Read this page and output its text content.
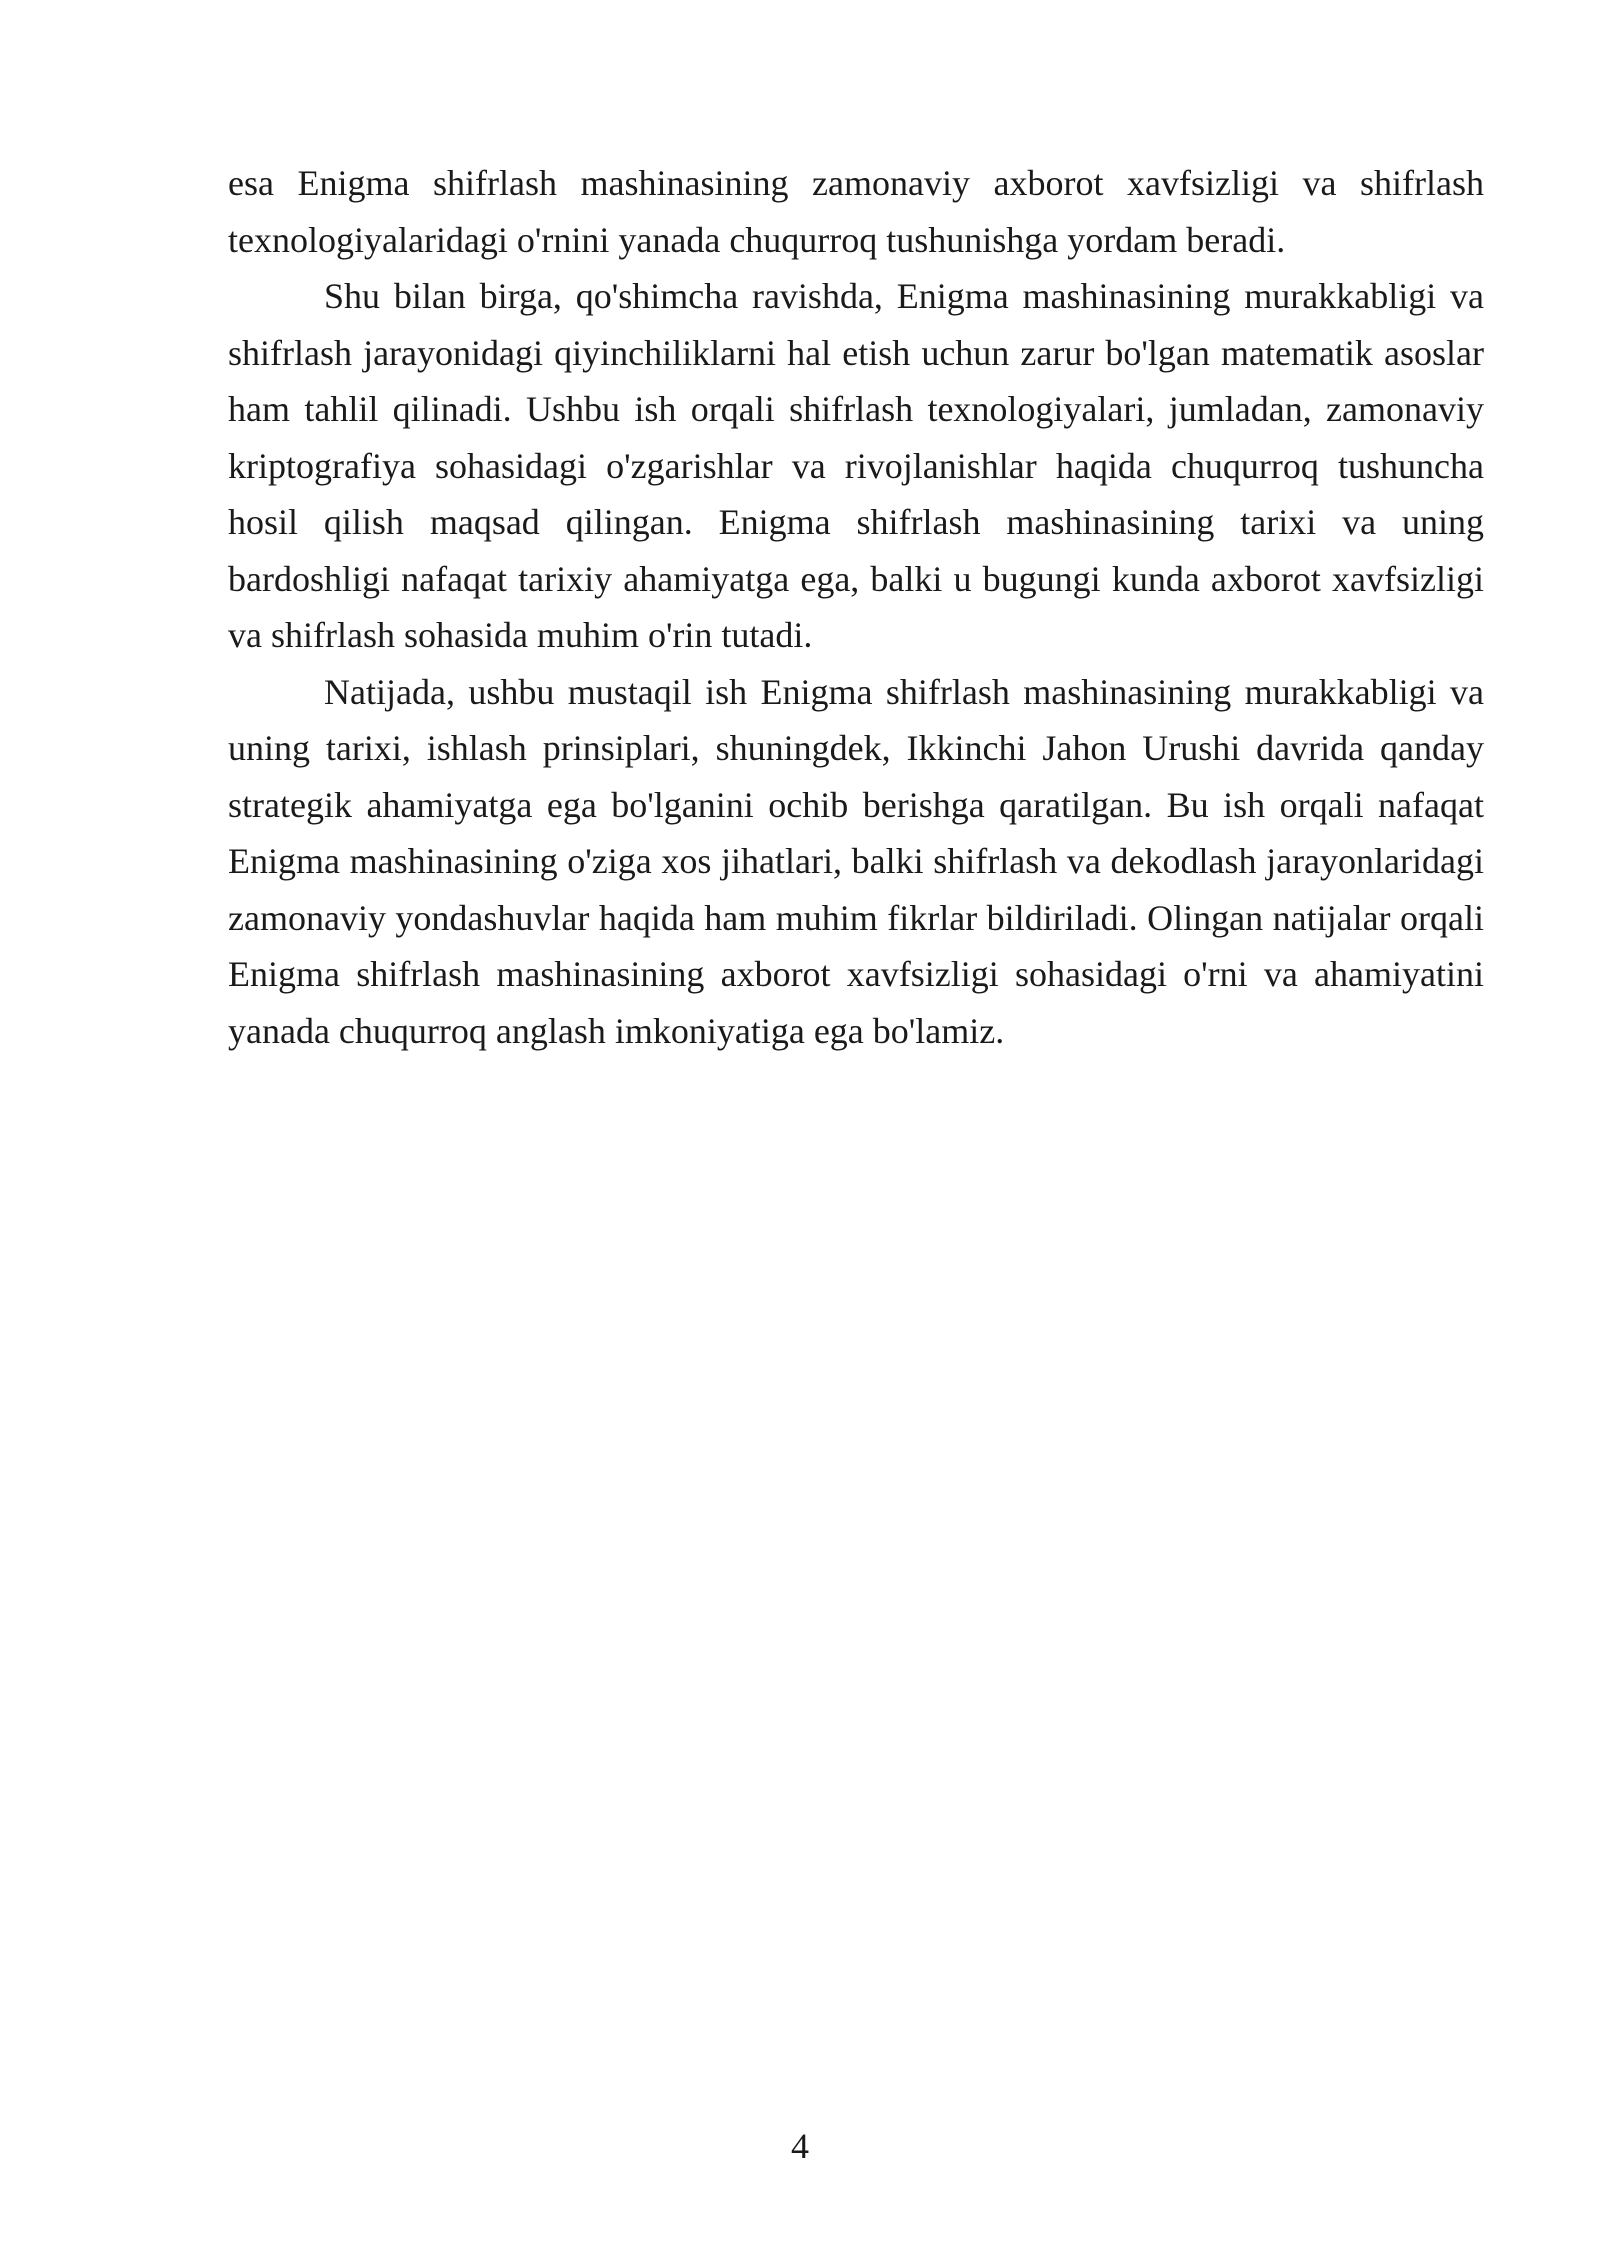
esa Enigma shifrlash mashinasining zamonaviy axborot xavfsizligi va shifrlash texnologiyalaridagi o'rnini yanada chuqurroq tushunishga yordam beradi.

Shu bilan birga, qo'shimcha ravishda, Enigma mashinasining murakkabligi va shifrlash jarayonidagi qiyinchiliklarni hal etish uchun zarur bo'lgan matematik asoslar ham tahlil qilinadi. Ushbu ish orqali shifrlash texnologiyalari, jumladan, zamonaviy kriptografiya sohasidagi o'zgarishlar va rivojlanishlar haqida chuqurroq tushuncha hosil qilish maqsad qilingan. Enigma shifrlash mashinasining tarixi va uning bardoshligi nafaqat tarixiy ahamiyatga ega, balki u bugungi kunda axborot xavfsizligi va shifrlash sohasida muhim o'rin tutadi.

Natijada, ushbu mustaqil ish Enigma shifrlash mashinasining murakkabligi va uning tarixi, ishlash prinsiplari, shuningdek, Ikkinchi Jahon Urushi davrida qanday strategik ahamiyatga ega bo'lganini ochib berishga qaratilgan. Bu ish orqali nafaqat Enigma mashinasining o'ziga xos jihatlari, balki shifrlash va dekodlash jarayonlaridagi zamonaviy yondashuvlar haqida ham muhim fikrlar bildiriladi. Olingan natijalar orqali Enigma shifrlash mashinasining axborot xavfsizligi sohasidagi o'rni va ahamiyatini yanada chuqurroq anglash imkoniyatiga ega bo'lamiz.

4
